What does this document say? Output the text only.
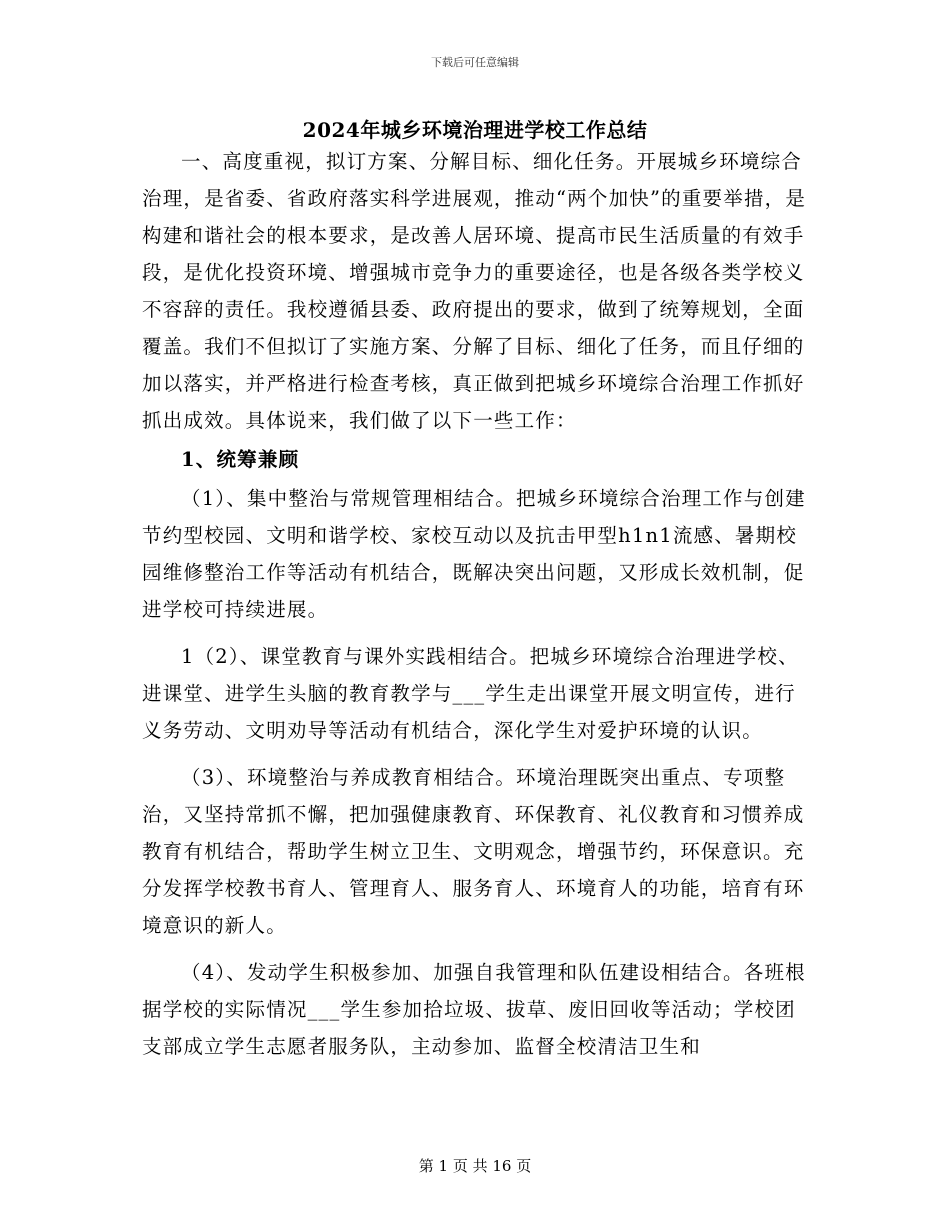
下载后可任意编辑
2024年城乡环境治理进学校工作总结

一、高度重视，拟订方案、分解目标、细化任务。开展城乡环境综合治理，是省委、省政府落实科学进展观，推动“两个加快”的重要举措，是构建和谐社会的根本要求，是改善人居环境、提高市民生活质量的有效手段，是优化投资环境、增强城市竞争力的重要途径，也是各级各类学校义不容辞的责任。我校遵循县委、政府提出的要求，做到了统筹规划，全面覆盖。我们不但拟订了实施方案、分解了目标、细化了任务，而且仔细的加以落实，并严格进行检查考核，真正做到把城乡环境综合治理工作抓好抓出成效。具体说来，我们做了以下一些工作：

1、统筹兼顾

（1）、集中整治与常规管理相结合。把城乡环境综合治理工作与创建节约型校园、文明和谐学校、家校互动以及抗击甲型h1n1流感、暑期校园维修整治工作等活动有机结合，既解决突出问题，又形成长效机制，促进学校可持续进展。

1（2）、课堂教育与课外实践相结合。把城乡环境综合治理进学校、进课堂、进学生头脑的教育教学与___学生走出课堂开展文明宣传，进行义务劳动、文明劝导等活动有机结合，深化学生对爱护环境的认识。

（3）、环境整治与养成教育相结合。环境治理既突出重点、专项整治，又坚持常抓不懈，把加强健康教育、环保教育、礼仪教育和习惯养成教育有机结合，帮助学生树立卫生、文明观念，增强节约，环保意识。充分发挥学校教书育人、管理育人、服务育人、环境育人的功能，培育有环境意识的新人。

（4）、发动学生积极参加、加强自我管理和队伍建设相结合。各班根据学校的实际情况___学生参加拾垃圾、拔草、废旧回收等活动；学校团支部成立学生志愿者服务队，主动参加、监督全校清洁卫生和

第 1 页 共 16 页
